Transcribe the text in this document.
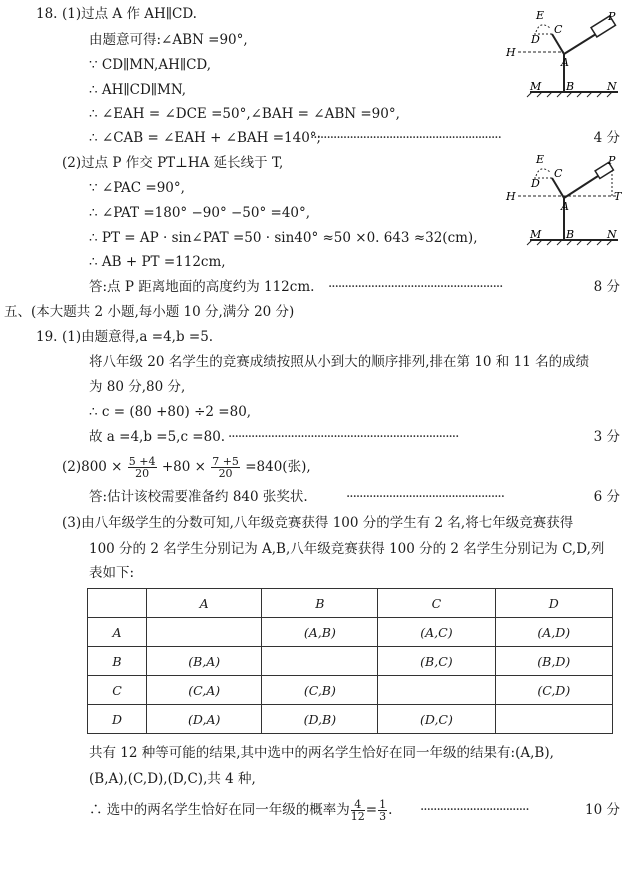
18. (1)过点 A 作 AH∥CD.
由题意可得:∠ABN =90°,
∵ CD∥MN,AH∥CD,
∴ AH∥CD∥MN,
∴ ∠EAH = ∠DCE =50°,∠BAH = ∠ABN =90°,
∴ ∠CAB = ∠EAH + ∠BAH =140°;
··························································	4 分
E
C
D
P
H
A
M B	N
(2)过点 P 作交 PT⊥HA 延长线于 T,
∵ ∠PAC =90°,
∴ ∠PAT =180° −90° −50° =40°,
∴ PT = AP · sin∠PAT =50 · sin40° ≈50 ×0. 643 ≈32(cm),
∴ AB + PT =112cm,
答:点 P 距离地面的高度约为 112cm. ·····················································	8 分
E
C
D
P
H
A
T
M B	N
五、(本大题共 2 小题,每小题 10 分,满分 20 分)
19. (1)由题意得,a =4,b =5.
将八年级 20 名学生的竞赛成绩按照从小到大的顺序排列,排在第 10 和 11 名的成绩
为 80 分,80 分,
∴ c = (80 +80) ÷2 =80,
故 a =4,b =5,c =80. ······································································	3 分
$(2)800 \times \frac{5 +4}{20} +80 \times \frac{7 +5}{20} =840$(张),
答:估计该校需要准备约 840 张奖状.	················································	6 分
(3)由八年级学生的分数可知,八年级竞赛获得 100 分的学生有 2 名,将七年级竞赛获得
100 分的 2 名学生分别记为 A,B,八年级竞赛获得 100 分的 2 名学生分别记为 C,D,列
表如下:
	A	B	C	D
A		(A,B)	(A,C)	(A,D)
B	(B,A)		(B,C)	(B,D)
C	(C,A)	(C,B)		(C,D)
D	(D,A)	(D,B)	(D,C)	
共有 12 种等可能的结果,其中选中的两名学生恰好在同一年级的结果有:(A,B),
(B,A),(C,D),(D,C),共 4 种,
∴ 选中的两名学生恰好在同一年级的概率为 $\frac{4}{12} = \frac{1}{3}$ . ·································	10 分
